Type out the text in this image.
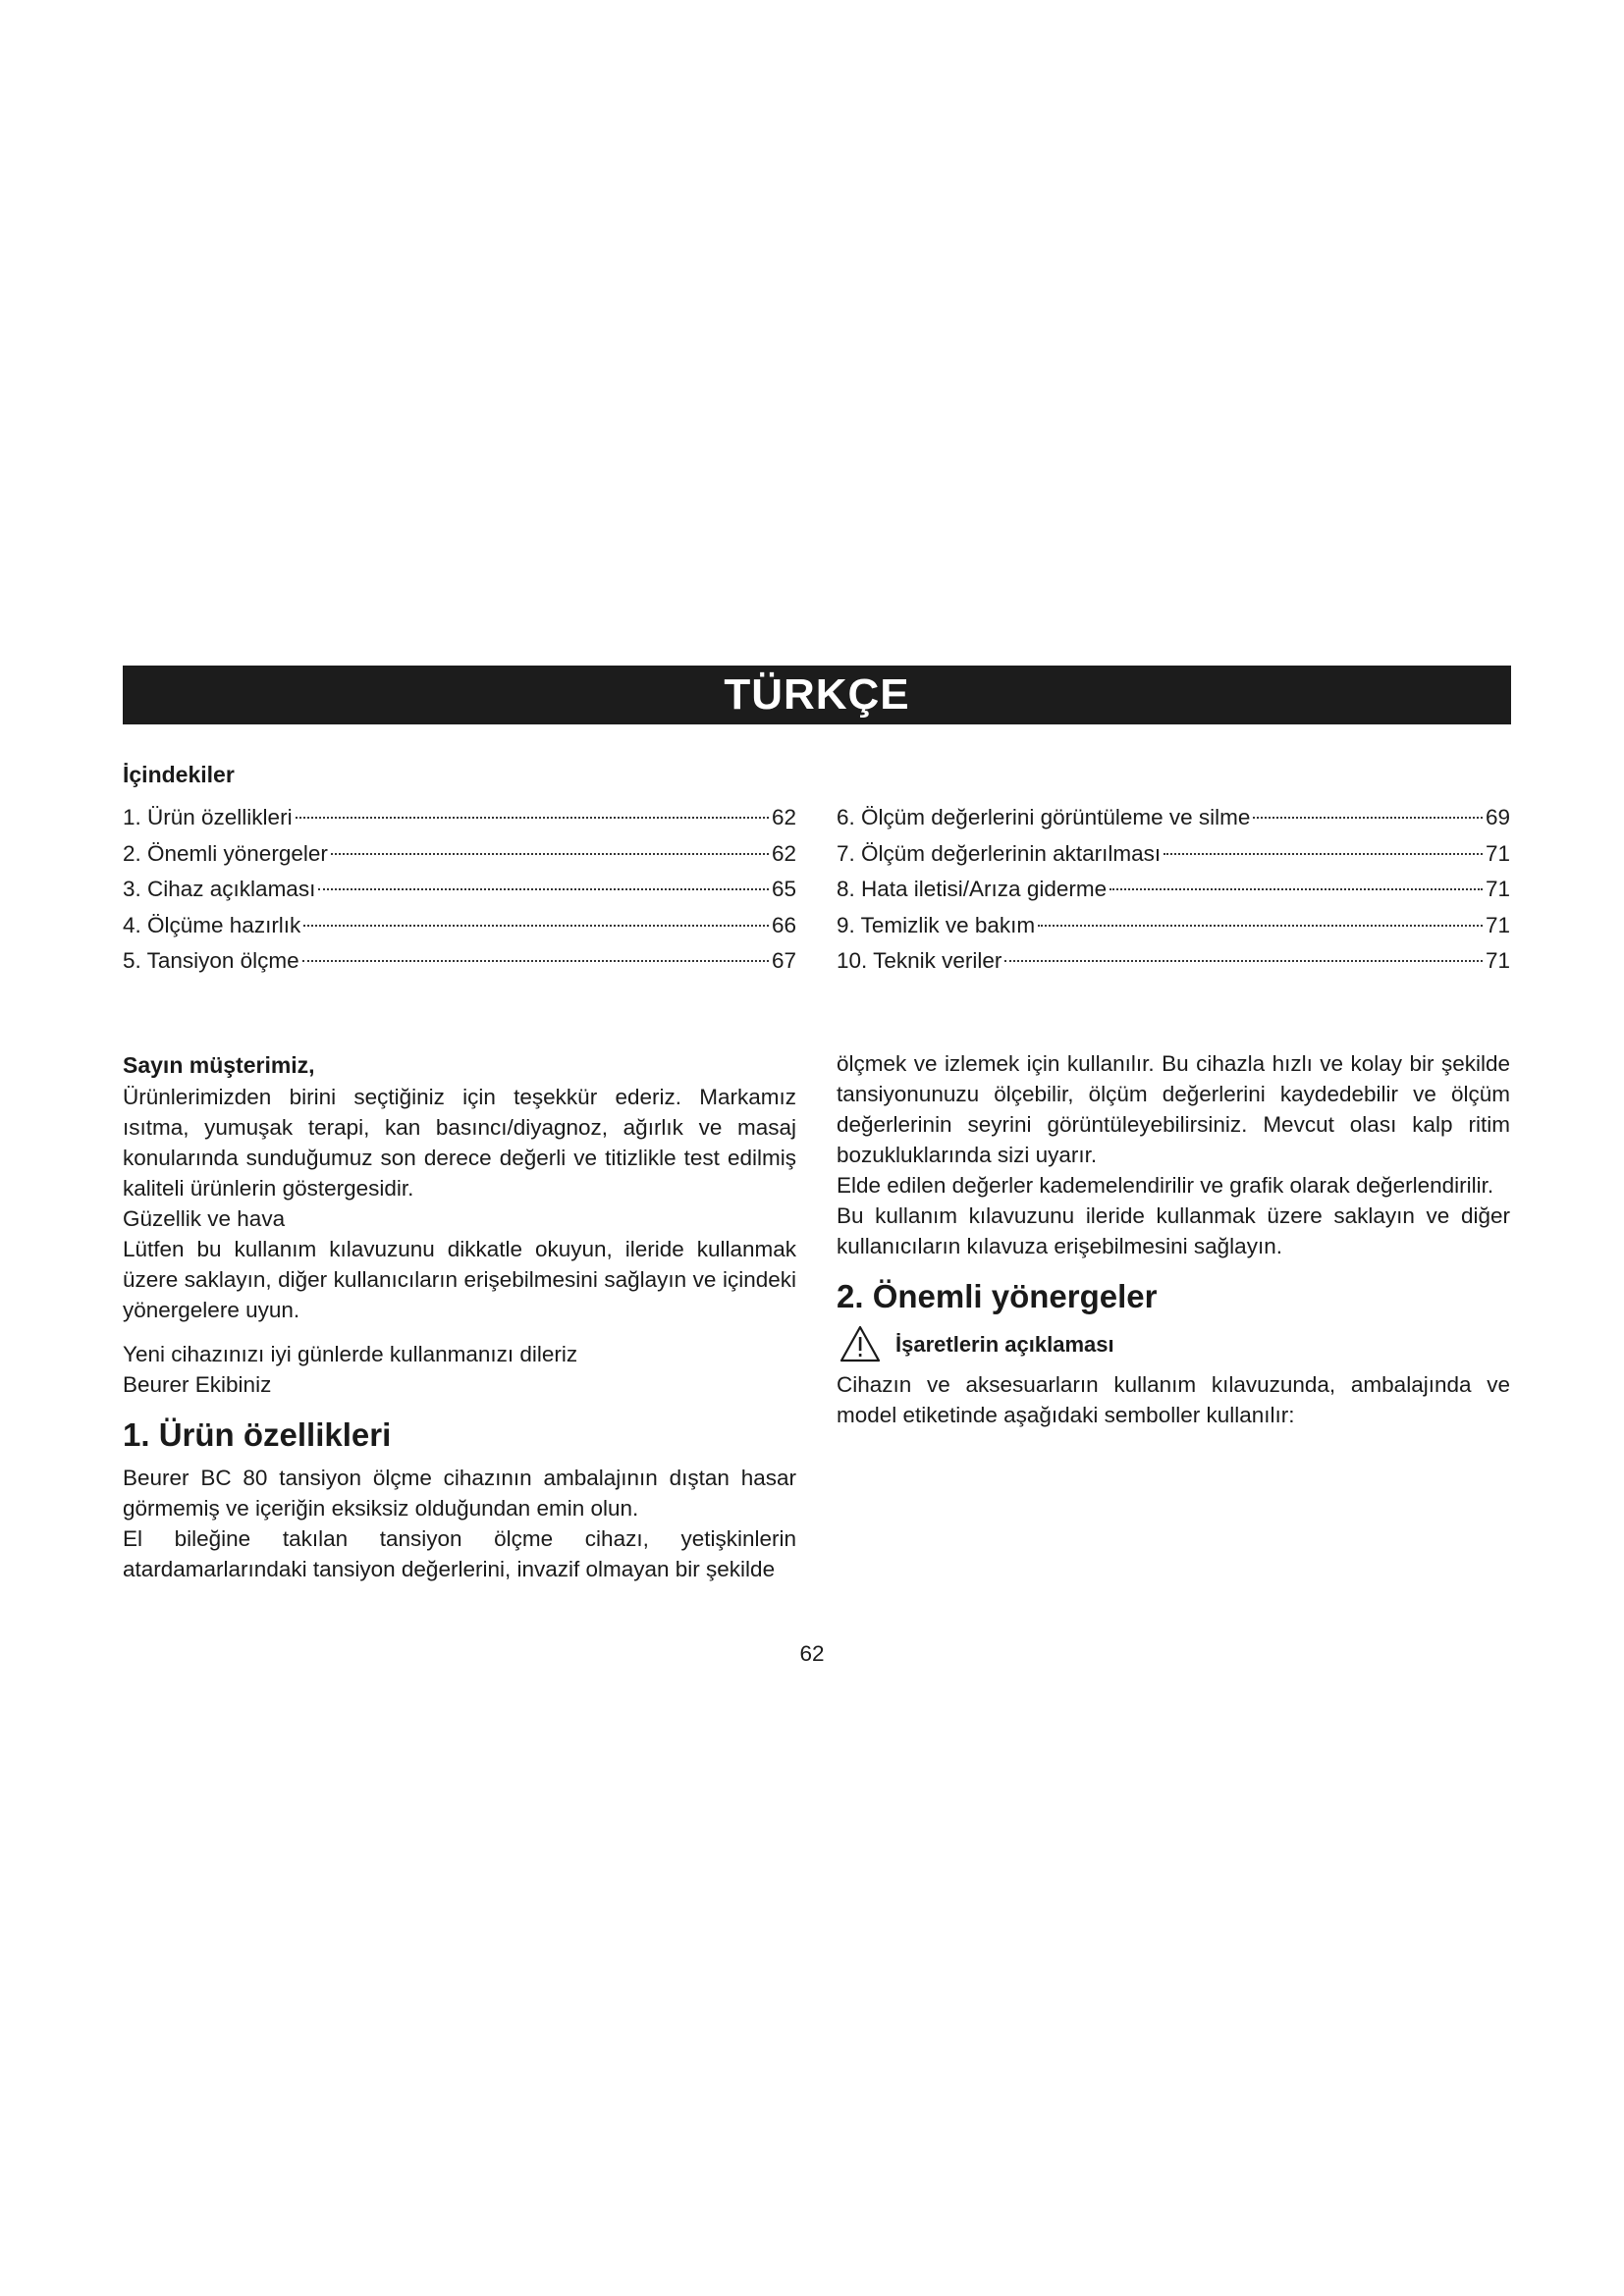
TÜRKÇE
İçindekiler
1. Ürün özellikleri	62
2. Önemli yönergeler	62
3. Cihaz açıklaması	65
4. Ölçüme hazırlık	66
5. Tansiyon ölçme	67
6. Ölçüm değerlerini görüntüleme ve silme	69
7. Ölçüm değerlerinin aktarılması	71
8. Hata iletisi/Arıza giderme	71
9. Temizlik ve bakım	71
10. Teknik veriler	71

Sayın müşterimiz,

Ürünlerimizden birini seçtiğiniz için teşekkür ederiz. Markamız ısıtma, yumuşak terapi, kan basıncı/diyagnoz, ağırlık ve masaj konularında sunduğumuz son derece değerli ve titizlikle test edilmiş kaliteli ürünlerin göstergesidir.

Güzellik ve hava

Lütfen bu kullanım kılavuzunu dikkatle okuyun, ileride kullanmak üzere saklayın, diğer kullanıcıların erişebilmesini sağlayın ve içindeki yönergelere uyun.

Yeni cihazınızı iyi günlerde kullanmanızı dileriz

Beurer Ekibiniz

1. Ürün özellikleri

Beurer BC 80 tansiyon ölçme cihazının ambalajının dıştan hasar görmemiş ve içeriğin eksiksiz olduğundan emin olun.

El bileğine takılan tansiyon ölçme cihazı, yetişkinlerin atardamarlarındaki tansiyon değerlerini, invazif olmayan bir şekilde

ölçmek ve izlemek için kullanılır. Bu cihazla hızlı ve kolay bir şekilde tansiyonunuzu ölçebilir, ölçüm değerlerini kaydedebilir ve ölçüm değerlerinin seyrini görüntüleyebilirsiniz. Mevcut olası kalp ritim bozukluklarında sizi uyarır.

Elde edilen değerler kademelendirilir ve grafik olarak değerlendirilir.

Bu kullanım kılavuzunu ileride kullanmak üzere saklayın ve diğer kullanıcıların kılavuza erişebilmesini sağlayın.

2. Önemli yönergeler
İşaretlerin açıklaması

Cihazın ve aksesuarların kullanım kılavuzunda, ambalajında ve model etiketinde aşağıdaki semboller kullanılır:

62
